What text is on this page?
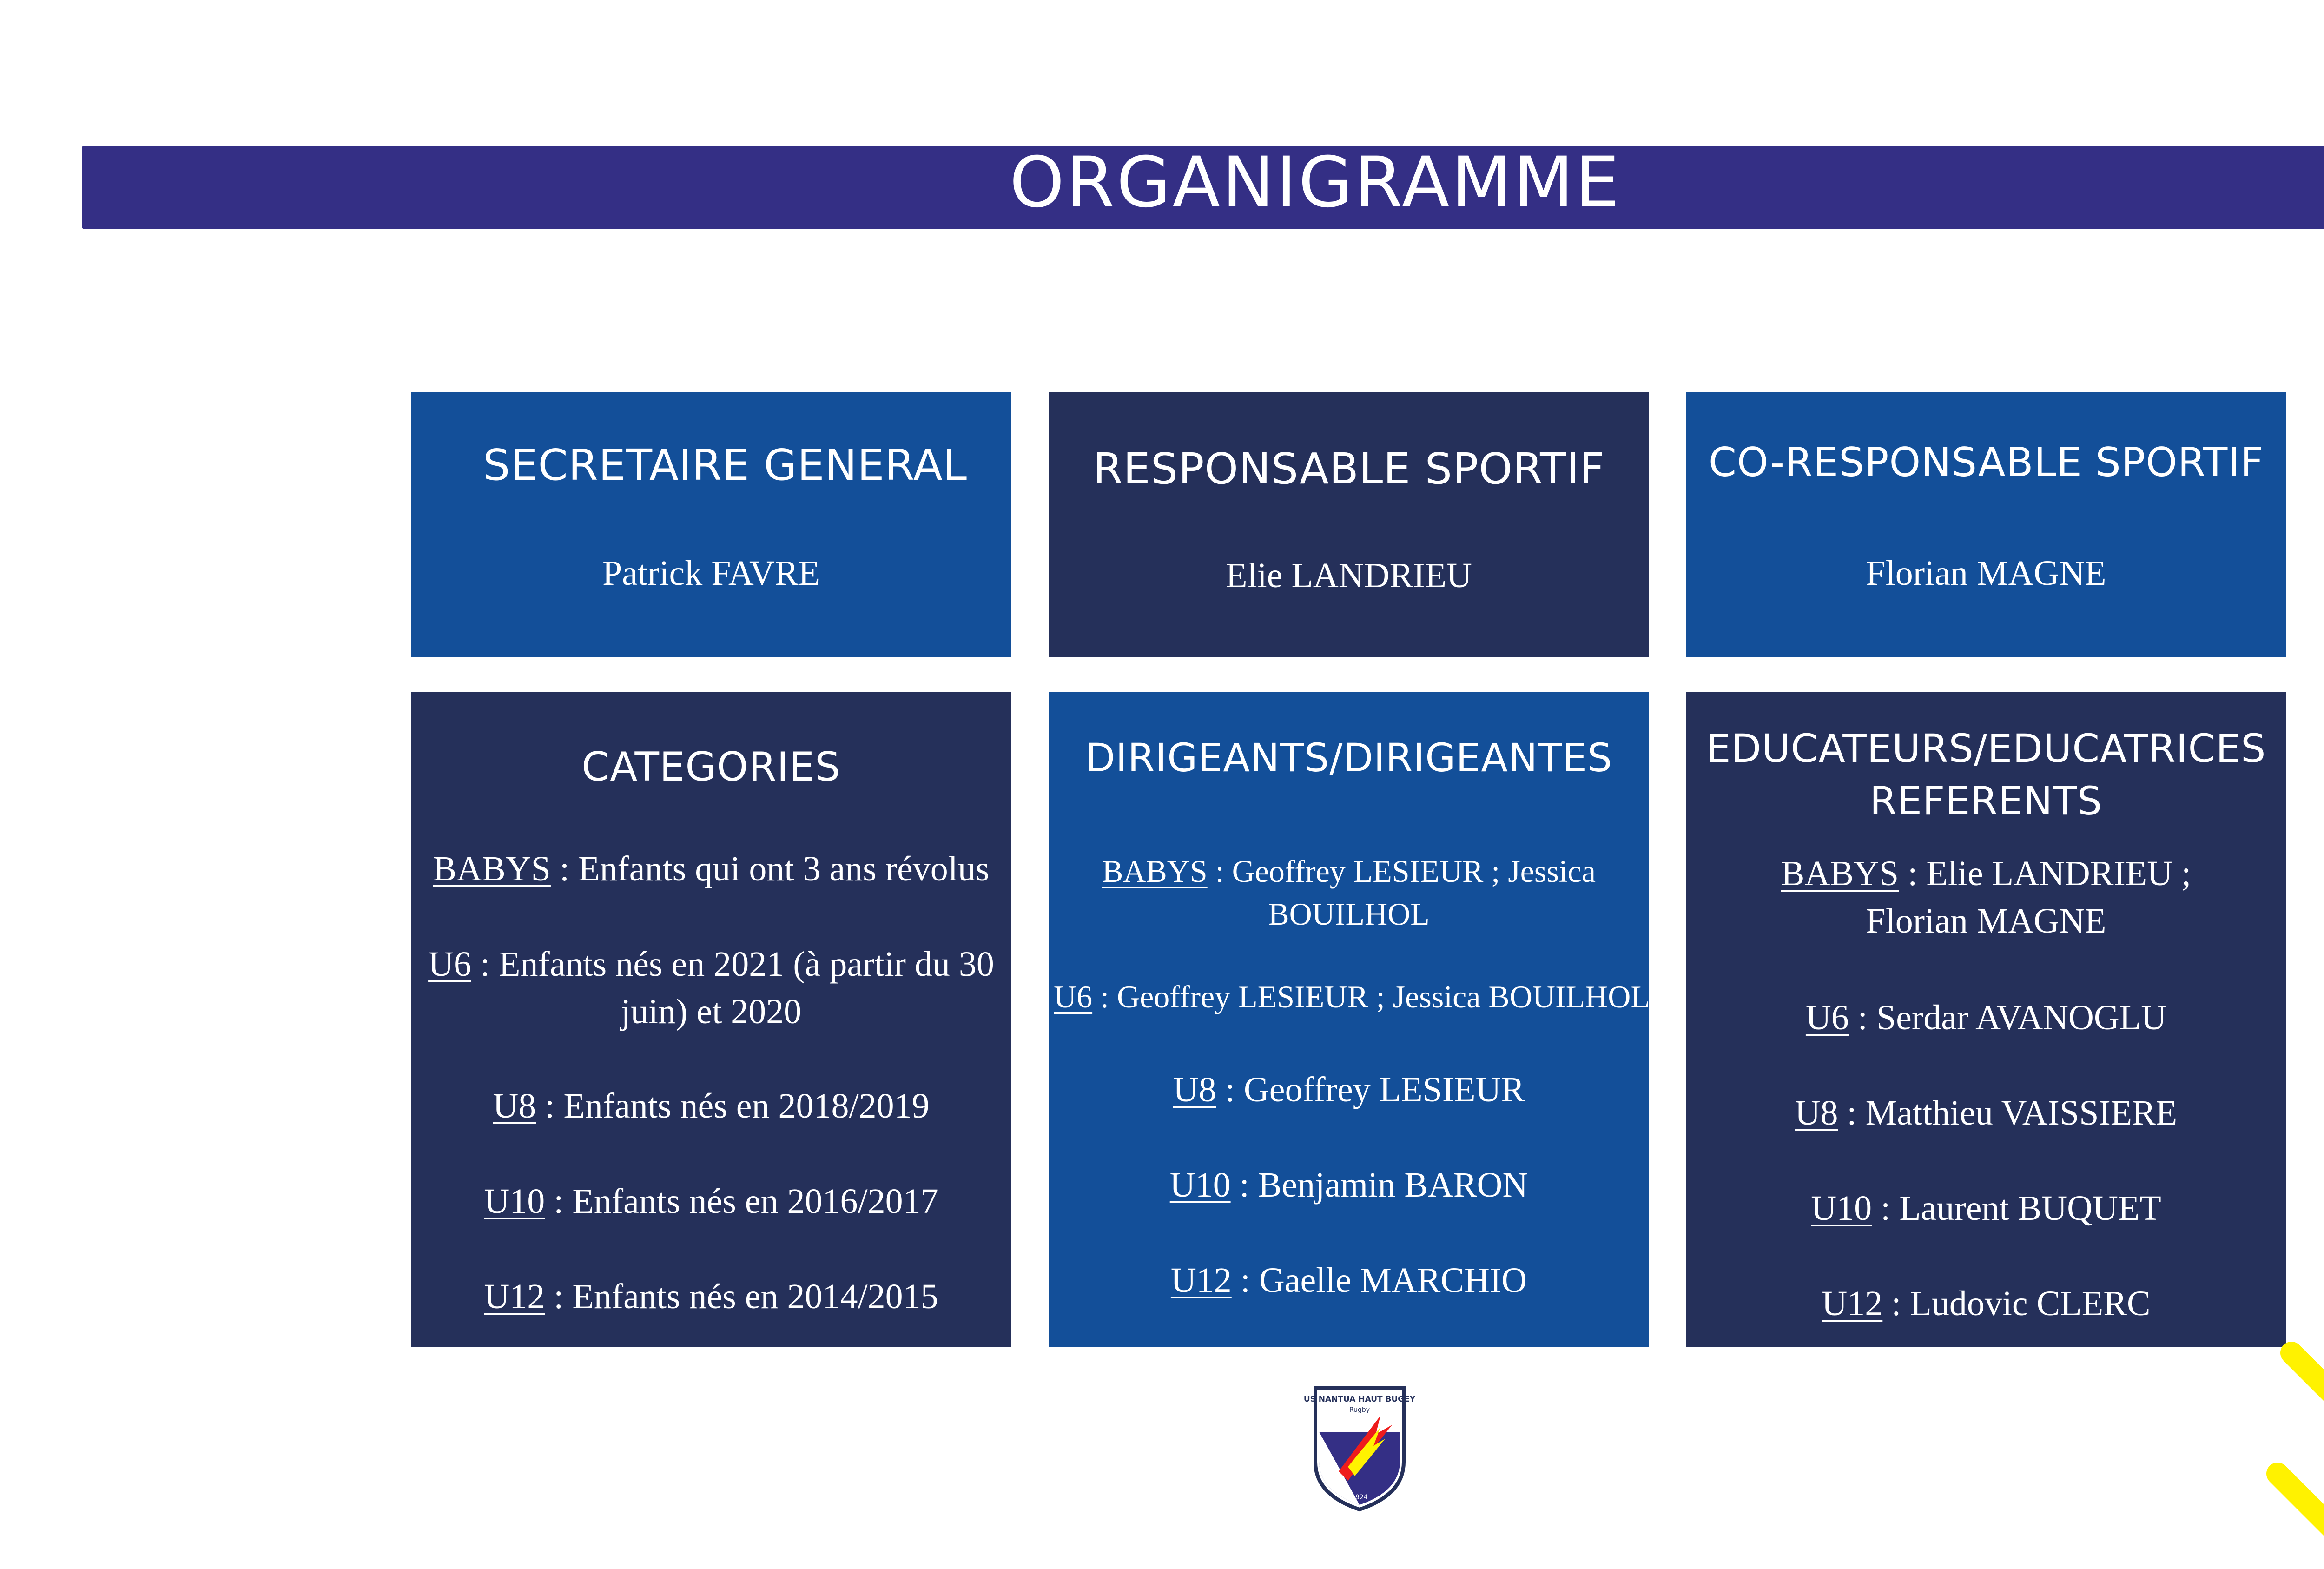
ORGANIGRAMME
SECRETAIRE GENERAL
Patrick FAVRE
RESPONSABLE SPORTIF
Elie LANDRIEU
CO-RESPONSABLE SPORTIF
Florian MAGNE
CATEGORIES
BABYS : Enfants qui ont 3 ans révolus
U6 : Enfants nés en 2021 (à partir du 30 juin) et 2020
U8 : Enfants nés en 2018/2019
U10 : Enfants nés en 2016/2017
U12 : Enfants nés en 2014/2015
DIRIGEANTS/DIRIGEANTES
BABYS : Geoffrey LESIEUR ; Jessica BOUILHOL
U6 : Geoffrey LESIEUR ; Jessica BOUILHOL
U8 : Geoffrey LESIEUR
U10 : Benjamin BARON
U12 : Gaelle MARCHIO
EDUCATEURS/EDUCATRICES
REFERENTS
BABYS : Elie LANDRIEU ; Florian MAGNE
U6 : Serdar AVANOGLU
U8 : Matthieu VAISSIERE
U10 : Laurent BUQUET
U12 : Ludovic CLERC
US NANTUA HAUT BUGEY
Rugby
1924
